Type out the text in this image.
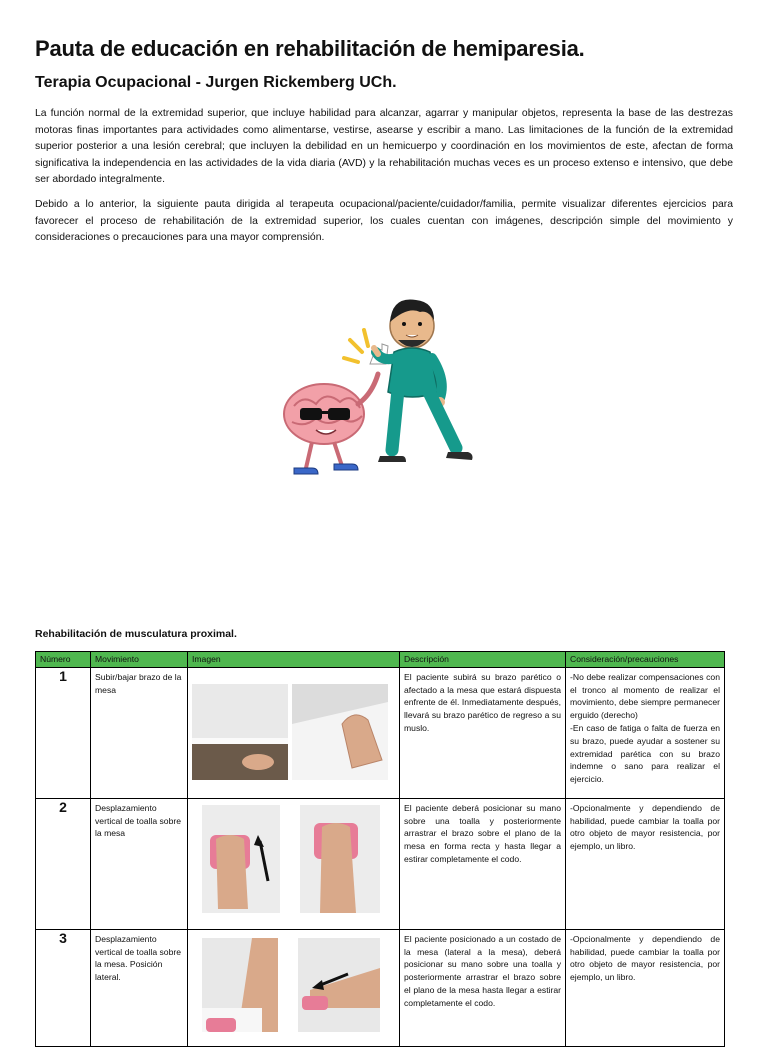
Pauta de educación en rehabilitación de hemiparesia.
Terapia Ocupacional - Jurgen Rickemberg UCh.

La función normal de la extremidad superior, que incluye habilidad para alcanzar, agarrar y manipular objetos, representa la base de las destrezas motoras finas importantes para actividades como alimentarse, vestirse, asearse y escribir a mano. Las limitaciones de la función de la extremidad superior posterior a una lesión cerebral; que incluyen la debilidad en un hemicuerpo y coordinación en los movimientos de este, afectan de forma significativa la independencia en las actividades de la vida diaria (AVD) y la rehabilitación muchas veces es un proceso extenso e intensivo, que debe ser abordado integralmente.

Debido a lo anterior, la siguiente pauta dirigida al terapeuta ocupacional/paciente/cuidador/familia, permite visualizar diferentes ejercicios para favorecer el proceso de rehabilitación de la extremidad superior, los cuales cuentan con imágenes, descripción simple del movimiento y consideraciones o precauciones para una mayor comprensión.

Rehabilitación de musculatura proximal.

Número	Movimiento	Imagen	Descripción	Consideración/precauciones
1	Subir/bajar brazo de la mesa		El paciente subirá su brazo parético o afectado a la mesa que estará dispuesta enfrente de él. Inmediatamente después, llevará su brazo parético de regreso a su muslo.	-No debe realizar compensaciones con el tronco al momento de realizar el movimiento, debe siempre permanecer erguido (derecho)
-En caso de fatiga o falta de fuerza en su brazo, puede ayudar a sostener su extremidad parética con su brazo indemne o sano para realizar el ejercicio.
2	Desplazamiento vertical de toalla sobre la mesa		El paciente deberá posicionar su mano sobre una toalla y posteriormente arrastrar el brazo sobre el plano de la mesa en forma recta y hasta llegar a estirar completamente el codo.	-Opcionalmente y dependiendo de habilidad, puede cambiar la toalla por otro objeto de mayor resistencia, por ejemplo, un libro.
3	Desplazamiento vertical de toalla sobre la mesa. Posición lateral.		El paciente posicionado a un costado de la mesa (lateral a la mesa), deberá posicionar su mano sobre una toalla y posteriormente arrastrar el brazo sobre el plano de la mesa hasta llegar a estirar completamente el codo.	-Opcionalmente y dependiendo de habilidad, puede cambiar la toalla por otro objeto de mayor resistencia, por ejemplo, un libro.
